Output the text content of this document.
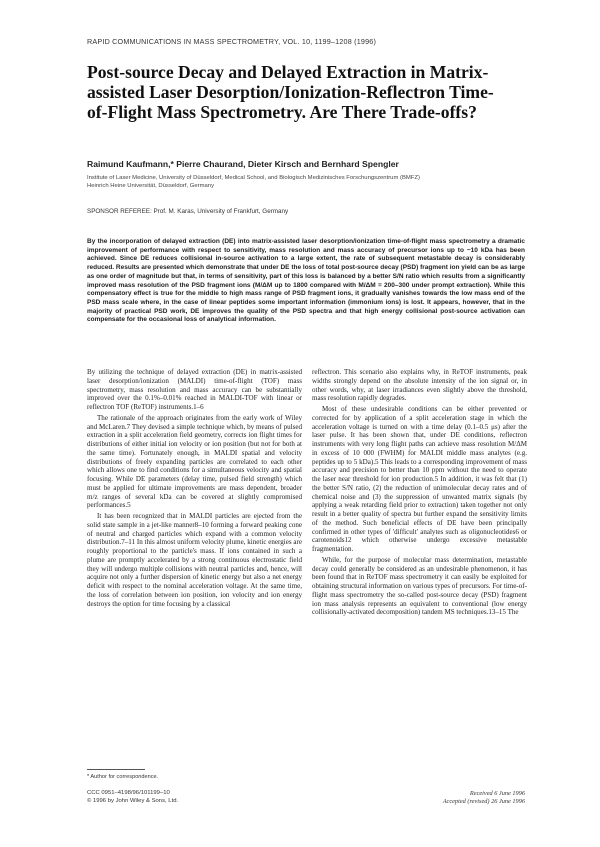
RAPID COMMUNICATIONS IN MASS SPECTROMETRY, VOL. 10, 1199–1208 (1996)
Post-source Decay and Delayed Extraction in Matrix-assisted Laser Desorption/Ionization-Reflectron Time-of-Flight Mass Spectrometry. Are There Trade-offs?
Raimund Kaufmann,* Pierre Chaurand, Dieter Kirsch and Bernhard Spengler
Institute of Laser Medicine, University of Düsseldorf, Medical School, and Biologisch Medizinisches Forschungszentrum (BMFZ)
Heinrich Heine Universität, Düsseldorf, Germany
SPONSOR REFEREE: Prof. M. Karas, University of Frankfurt, Germany

By the incorporation of delayed extraction (DE) into matrix-assisted laser desorption/ionization time-of-flight mass spectrometry a dramatic improvement of performance with respect to sensitivity, mass resolution and mass accuracy of precursor ions up to ~10 kDa has been achieved. Since DE reduces collisional in-source activation to a large extent, the rate of subsequent metastable decay is considerably reduced. Results are presented which demonstrate that under DE the loss of total post-source decay (PSD) fragment ion yield can be as large as one order of magnitude but that, in terms of sensitivity, part of this loss is balanced by a better S/N ratio which results from a significantly improved mass resolution of the PSD fragment ions (M/ΔM up to 1800 compared with M/ΔM = 200–300 under prompt extraction). While this compensatory effect is true for the middle to high mass range of PSD fragment ions, it gradually vanishes towards the low mass end of the PSD mass scale where, in the case of linear peptides some important information (immonium ions) is lost. It appears, however, that in the majority of practical PSD work, DE improves the quality of the PSD spectra and that high energy collisional post-source activation can compensate for the occasional loss of analytical information.

By utilizing the technique of delayed extraction (DE) in matrix-assisted laser desorption/ionization (MALDI) time-of-flight (TOF) mass spectrometry, mass resolution and mass accuracy can be substantially improved over the 0.1%–0.01% reached in MALDI-TOF with linear or reflectron TOF (ReTOF) instruments.1–6

The rationale of the approach originates from the early work of Wiley and McLaren.7 They devised a simple technique which, by means of pulsed extraction in a split acceleration field geometry, corrects ion flight times for distributions of either initial ion velocity or ion position (but not for both at the same time). Fortunately enough, in MALDI spatial and velocity distributions of freely expanding particles are correlated to each other which allows one to find conditions for a simultaneous velocity and spatial focusing. While DE parameters (delay time, pulsed field strength) which must be applied for ultimate improvements are mass dependent, broader m/z ranges of several kDa can be covered at slightly compromised performances.5

It has been recognized that in MALDI particles are ejected from the solid state sample in a jet-like manner8–10 forming a forward peaking cone of neutral and charged particles which expand with a common velocity distribution.7–11 In this almost uniform velocity plume, kinetic energies are roughly proportional to the particle's mass. If ions contained in such a plume are promptly accelerated by a strong continuous electrostatic field they will undergo multiple collisions with neutral particles and, hence, will acquire not only a further dispersion of kinetic energy but also a net energy deficit with respect to the nominal acceleration voltage. At the same time, the loss of correlation between ion position, ion velocity and ion energy destroys the option for time focusing by a classical

reflectron. This scenario also explains why, in ReTOF instruments, peak widths strongly depend on the absolute intensity of the ion signal or, in other words, why, at laser irradiances even slightly above the threshold, mass resolution rapidly degrades.

Most of these undesirable conditions can be either prevented or corrected for by application of a split acceleration stage in which the acceleration voltage is turned on with a time delay (0.1–0.5 μs) after the laser pulse. It has been shown that, under DE conditions, reflectron instruments with very long flight paths can achieve mass resolution M/ΔM in excess of 10 000 (FWHM) for MALDI middle mass analytes (e.g. peptides up to 5 kDa).5 This leads to a corresponding improvement of mass accuracy and precision to better than 10 ppm without the need to operate the laser near threshold for ion production.5 In addition, it was felt that (1) the better S/N ratio, (2) the reduction of unimolecular decay rates and of chemical noise and (3) the suppression of unwanted matrix signals (by applying a weak retarding field prior to extraction) taken together not only result in a better quality of spectra but further expand the sensitivity limits of the method. Such beneficial effects of DE have been principally confirmed in other types of 'difficult' analytes such as oligonucleotides6 or carotenoids12 which otherwise undergo excessive metastable fragmentation.

While, for the purpose of molecular mass determination, metastable decay could generally be considered as an undesirable phenomenon, it has been found that in ReTOF mass spectrometry it can easily be exploited for obtaining structural information on various types of precursors. For time-of-flight mass spectrometry the so-called post-source decay (PSD) fragment ion mass analysis represents an equivalent to conventional (low energy collisionally-activated decomposition) tandem MS techniques.13–15 The

* Author for correspondence.
CCC 0951–4198/96/101199–10
© 1996 by John Wiley & Sons, Ltd.
Received 6 June 1996
Accepted (revised) 26 June 1996
